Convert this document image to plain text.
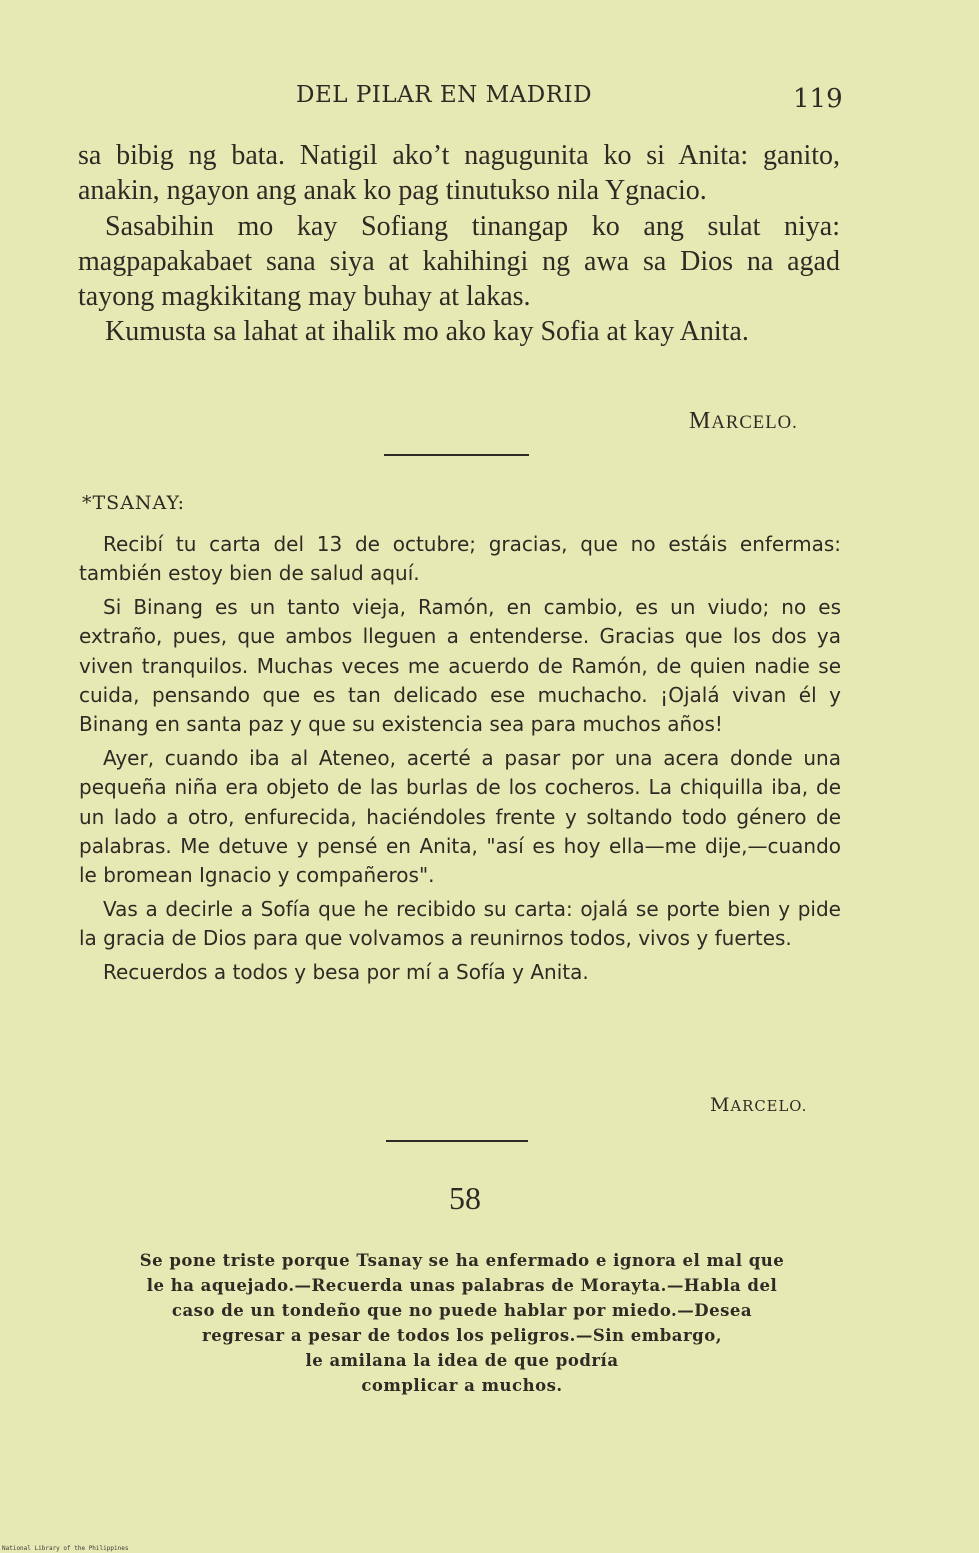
DEL PILAR EN MADRID	119

sa bibig ng bata. Natigil ako’t nagugunita ko si Anita: ganito, anakin, ngayon ang anak ko pag tinutukso nila Ygnacio.

Sasabihin mo kay Sofiang tinangap ko ang sulat niya: magpapakabaet sana siya at kahihingi ng awa sa Dios na agad tayong magkikitang may buhay at lakas.

Kumusta sa lahat at ihalik mo ako kay Sofia at kay Anita.

MARCELO.
*TSANAY:

Recibí tu carta del 13 de octubre; gracias, que no estáis enfermas: también estoy bien de salud aquí.

Si Binang es un tanto vieja, Ramón, en cambio, es un viudo; no es extraño, pues, que ambos lleguen a entenderse. Gracias que los dos ya viven tranquilos. Muchas veces me acuerdo de Ramón, de quien nadie se cuida, pensando que es tan delicado ese muchacho. ¡Ojalá vivan él y Binang en santa paz y que su existencia sea para muchos años!

Ayer, cuando iba al Ateneo, acerté a pasar por una acera donde una pequeña niña era objeto de las burlas de los cocheros. La chiquilla iba, de un lado a otro, enfurecida, haciéndoles frente y soltando todo género de palabras. Me detuve y pensé en Anita, "así es hoy ella—me dije,—cuando le bromean Ignacio y compañeros".

Vas a decirle a Sofía que he recibido su carta: ojalá se porte bien y pide la gracia de Dios para que volvamos a reunirnos todos, vivos y fuertes.

Recuerdos a todos y besa por mí a Sofía y Anita.

MARCELO.
58
Se pone triste porque Tsanay se ha enfermado e ignora el mal que
le ha aquejado.—Recuerda unas palabras de Morayta.—Habla del
caso de un tondeño que no puede hablar por miedo.—Desea
regresar a pesar de todos los peligros.—Sin embargo,
le amilana la idea de que podría
complicar a muchos.
National Library of the Philippines
